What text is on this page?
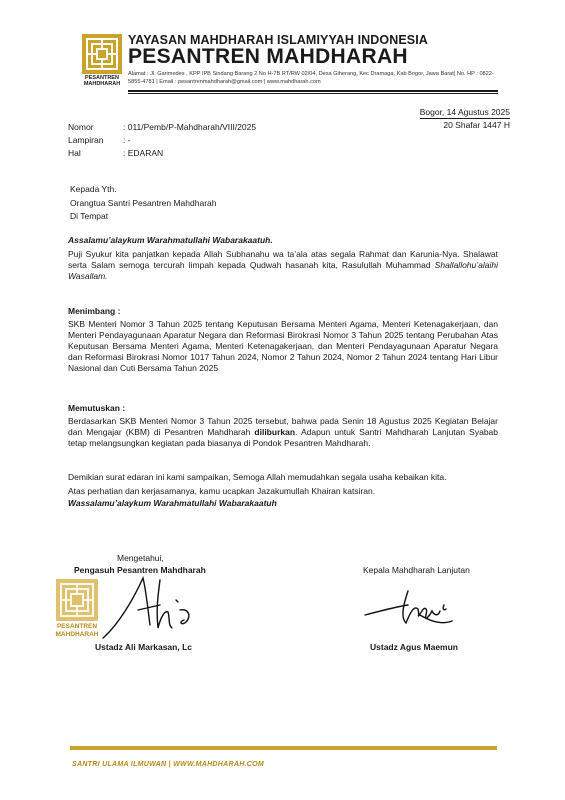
PESANTREN
MAHDHARAH
YAYASAN MAHDHARAH ISLAMIYYAH INDONESIA
PESANTREN MAHDHARAH
Alamat : Jl. Garimedes , KPP IPB Sindang Barang 2 No H-7B RT/RW 02/04, Desa Giherang, Kec Dramaga, Kab Bogor, Jawa Barat| No. HP : 0822-5855-4781 | Email : pesantrenmahdharah@gmail.com | www.mahdharah.com
Bogor, 14 Agustus 2025
20 Shafar 1447 H
Nomor	: 011/Pemb/P-Mahdharah/VIII/2025
Lampiran : -
Hal	: EDARAN
Kepada Yth.
Orangtua Santri Pesantren Mahdharah
Di Tempat
Assalamu’alaykum Warahmatullahi Wabarakaatuh.
Puji Syukur kita panjatkan kepada Allah Subhanahu wa ta’ala atas segala Rahmat dan Karunia-Nya. Shalawat serta Salam semoga tercurah limpah kepada Qudwah hasanah kita, Rasulullah Muhammad Shallallohu’alaihi Wasallam.
Menimbang :
SKB Menteri Nomor 3 Tahun 2025 tentang Keputusan Bersama Menteri Agama, Menteri Ketenagakerjaan, dan Menteri Pendayagunaan Aparatur Negara dan Reformasi Birokrasi Nomor 3 Tahun 2025 tentang Perubahan Atas Keputusan Bersama Menteri Agama, Menteri Ketenagakerjaan, dan Menteri Pendayagunaan Aparatur Negara dan Reformasi Birokrasi Nomor 1017 Tahun 2024, Nomor 2 Tahun 2024, Nomor 2 Tahun 2024 tentang Hari Libur Nasional dan Cuti Bersama Tahun 2025
Memutuskan :
Berdasarkan SKB Menteri Nomor 3 Tahun 2025 tersebut, bahwa pada Senin 18 Agustus 2025 Kegiatan Belajar dan Mengajar (KBM) di Pesantren Mahdharah diliburkan. Adapun untuk Santri Mahdharah Lanjutan Syabab tetap melangsungkan kegiatan pada biasanya di Pondok Pesantren Mahdharah.
Demikian surat edaran ini kami sampaikan, Semoga Allah memudahkan segala usaha kebaikan kita.
Atas perhatian dan kerjasamanya, kamu ucapkan Jazakumullah Khairan katsiran.
Wassalamu’alaykum Warahmatullahi Wabarakaatuh
Mengetahui,
Pengasuh Pesantren Mahdharah
PESANTREN
MAHDHARAH
Ustadz Ali Markasan, Lc
Kepala Mahdharah Lanjutan
Ustadz Agus Maemun
SANTRI ULAMA ILMUWAN | WWW.MAHDHARAH.COM
